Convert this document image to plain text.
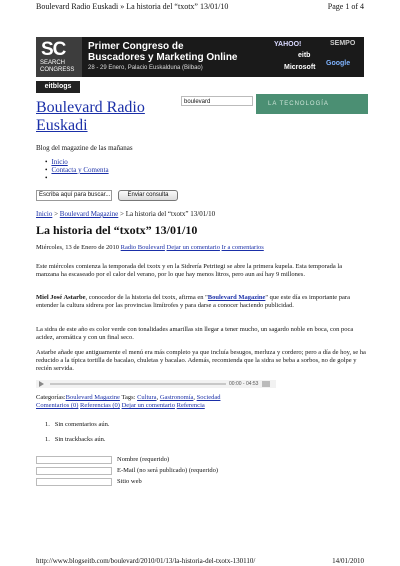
Boulevard Radio Euskadi » La historia del “txotx” 13/01/10	Page 1 of 4
SC
SEARCH
CONGRESS
Primer Congreso de
Buscadores y Marketing Online
28 - 29 Enero, Palacio Euskalduna (Bilbao)
YAHOO!	SEMPO
eitb
Microsoft
Google
eitblogs
Boulevard Radio
Euskadi
Blog del magazine de las mañanas
boulevard	LA TECNOLOGÍA
• Inicio
• Contacta y Comenta
•
Escriba aquí para buscar...	Enviar consulta
Inicio > Boulevard Magazine > La historia del “txotx” 13/01/10
La historia del “txotx” 13/01/10
Miércoles, 13 de Enero de 2010 Radio Boulevard Dejar un comentario Ir a comentarios

Este miércoles comienza la temporada del txotx y en la Sidrería Petritegi se abre la primera kupela. Esta temporada la manzana ha escaseado por el calor del verano, por lo que hay menos litros, pero aun así hay 9 millones.

Miel José Astarbe, conocedor de la historia del txotx, afirma en "Boulevard Magazine" que este día es importante para entender la cultura sidrera por las provincias limítrofes y para darse a conocer haciendo publicidad.

La sidra de este año es color verde con tonalidades amarillas sin llegar a tener mucho, un sagardo noble en boca, con poca acidez, aromática y con un final seco.

Astarbe añade que antiguamente el menú era más completo ya que incluía besugos, merluza y cordero; pero a día de hoy, se ha reducido a la típica tortilla de bacalao, chuletas y bacalao. Además, recomienda que la sidra se beba a sorbos, no de golpe y recién servida.

00:00 - 04:53
Categorías:Boulevard Magazine Tags: Cultura, Gastronomía, Sociedad
Comentarios (0) Referencias (0) Dejar un comentario Referencia
1.   Sin comentarios aún.
1.   Sin trackbacks aún.
Nombre (requerido)
E-Mail (no será publicado) (requerido)
Sitio web
http://www.blogseitb.com/boulevard/2010/01/13/la-historia-del-txotx-130110/	14/01/2010
